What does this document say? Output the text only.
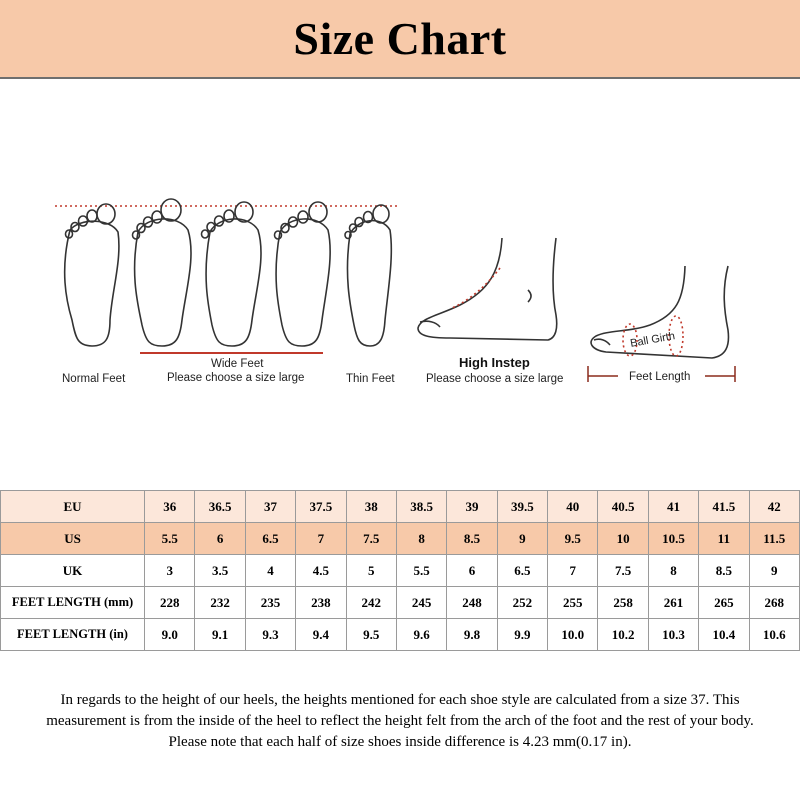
Size Chart
Normal Feet
Wide Feet
Please choose a size large	Thin Feet
High Instep
Please choose a size large
Ball Girth
Feet Length
EU	36	36.5	37	37.5	38	38.5	39	39.5	40	40.5	41	41.5	42
US	5.5	6	6.5	7	7.5	8	8.5	9	9.5	10	10.5	11	11.5
UK	3	3.5	4	4.5	5	5.5	6	6.5	7	7.5	8	8.5	9
FEET LENGTH (mm)	228	232	235	238	242	245	248	252	255	258	261	265	268
FEET LENGTH (in)	9.0	9.1	9.3	9.4	9.5	9.6	9.8	9.9	10.0	10.2	10.3	10.4	10.6

In regards to the height of our heels, the heights mentioned for each shoe style are calculated from a size 37. This

measurement is from the inside of the heel to reflect the height felt from the arch of the foot and the rest of your body.

Please note that each half of size shoes inside difference is 4.23 mm(0.17 in).
